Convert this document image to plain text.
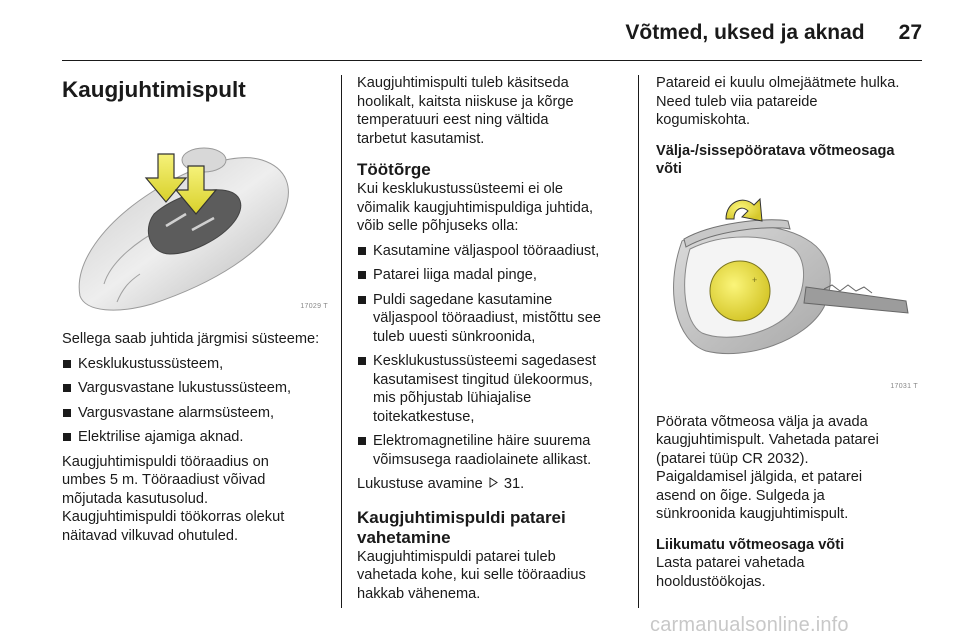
Võtmed, uksed ja aknad 27
Kaugjuhtimispult
17029 T

Sellega saab juhtida järgmisi süsteeme:

Kesklukustussüsteem,
Vargusvastane lukustussüsteem,
Vargusvastane alarmsüsteem,
Elektrilise ajamiga aknad.

Kaugjuhtimispuldi tööraadius on

umbes 5 m. Tööraadiust võivad

mõjutada kasutusolud.

Kaugjuhtimispuldi töökorras olekut

näitavad vilkuvad ohutuled.

Kaugjuhtimispulti tuleb käsitseda

hoolikalt, kaitsta niiskuse ja kõrge

temperatuuri eest ning vältida

tarbetut kasutamist.

Töötõrge

Kui kesklukustussüsteemi ei ole

võimalik kaugjuhtimispuldiga juhtida,

võib selle põhjuseks olla:

Kasutamine väljaspool tööraadiust,
Patarei liiga madal pinge,
Puldi sagedane kasutamine
väljaspool tööraadiust, mistõttu see
tuleb uuesti sünkroonida,
Kesklukustussüsteemi sagedasest
kasutamisest tingitud ülekoormus,
mis põhjustab lühiajalise
toitekatkestuse,
Elektromagnetiline häire suurema
võimsusega raadiolainete allikast.

Lukustuse avamine 31.

Kaugjuhtimispuldi patarei
vahetamine

Kaugjuhtimispuldi patarei tuleb

vahetada kohe, kui selle tööraadius

hakkab vähenema.

Patareid ei kuulu olmejäätmete hulka.

Need tuleb viia patareide

kogumiskohta.

Välja-/sissepööratava võtmeosaga
võti
+
17031 T

Pöörata võtmeosa välja ja avada

kaugjuhtimispult. Vahetada patarei

(patarei tüüp CR 2032).

Paigaldamisel jälgida, et patarei

asend on õige. Sulgeda ja

sünkroonida kaugjuhtimispult.

Liikumatu võtmeosaga võti

Lasta patarei vahetada

hooldustöökojas.

carmanualsonline.info
